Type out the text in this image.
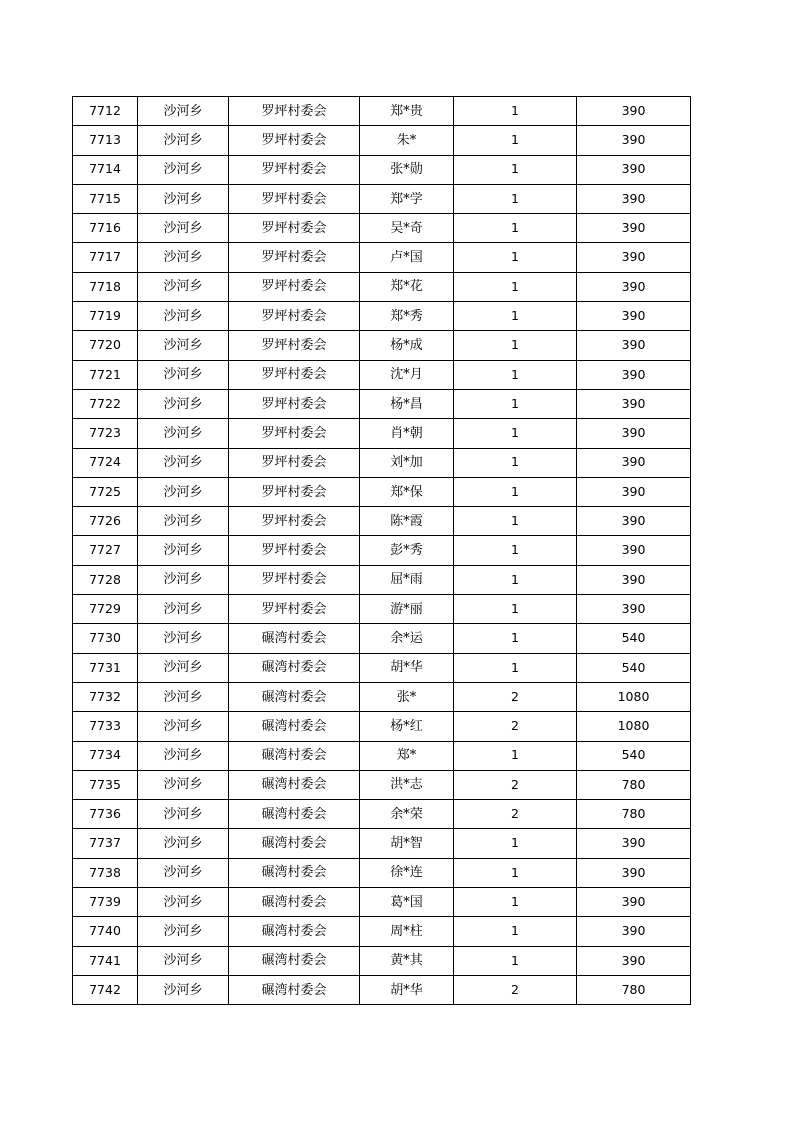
7712	沙河乡	罗坪村委会	郑*贵	1	390
7713	沙河乡	罗坪村委会	朱*	1	390
7714	沙河乡	罗坪村委会	张*勋	1	390
7715	沙河乡	罗坪村委会	郑*学	1	390
7716	沙河乡	罗坪村委会	吴*奇	1	390
7717	沙河乡	罗坪村委会	卢*国	1	390
7718	沙河乡	罗坪村委会	郑*花	1	390
7719	沙河乡	罗坪村委会	郑*秀	1	390
7720	沙河乡	罗坪村委会	杨*成	1	390
7721	沙河乡	罗坪村委会	沈*月	1	390
7722	沙河乡	罗坪村委会	杨*昌	1	390
7723	沙河乡	罗坪村委会	肖*朝	1	390
7724	沙河乡	罗坪村委会	刘*加	1	390
7725	沙河乡	罗坪村委会	郑*保	1	390
7726	沙河乡	罗坪村委会	陈*霞	1	390
7727	沙河乡	罗坪村委会	彭*秀	1	390
7728	沙河乡	罗坪村委会	屈*雨	1	390
7729	沙河乡	罗坪村委会	游*丽	1	390
7730	沙河乡	碾湾村委会	余*运	1	540
7731	沙河乡	碾湾村委会	胡*华	1	540
7732	沙河乡	碾湾村委会	张*	2	1080
7733	沙河乡	碾湾村委会	杨*红	2	1080
7734	沙河乡	碾湾村委会	郑*	1	540
7735	沙河乡	碾湾村委会	洪*志	2	780
7736	沙河乡	碾湾村委会	余*荣	2	780
7737	沙河乡	碾湾村委会	胡*智	1	390
7738	沙河乡	碾湾村委会	徐*连	1	390
7739	沙河乡	碾湾村委会	葛*国	1	390
7740	沙河乡	碾湾村委会	周*柱	1	390
7741	沙河乡	碾湾村委会	黄*其	1	390
7742	沙河乡	碾湾村委会	胡*华	2	780
